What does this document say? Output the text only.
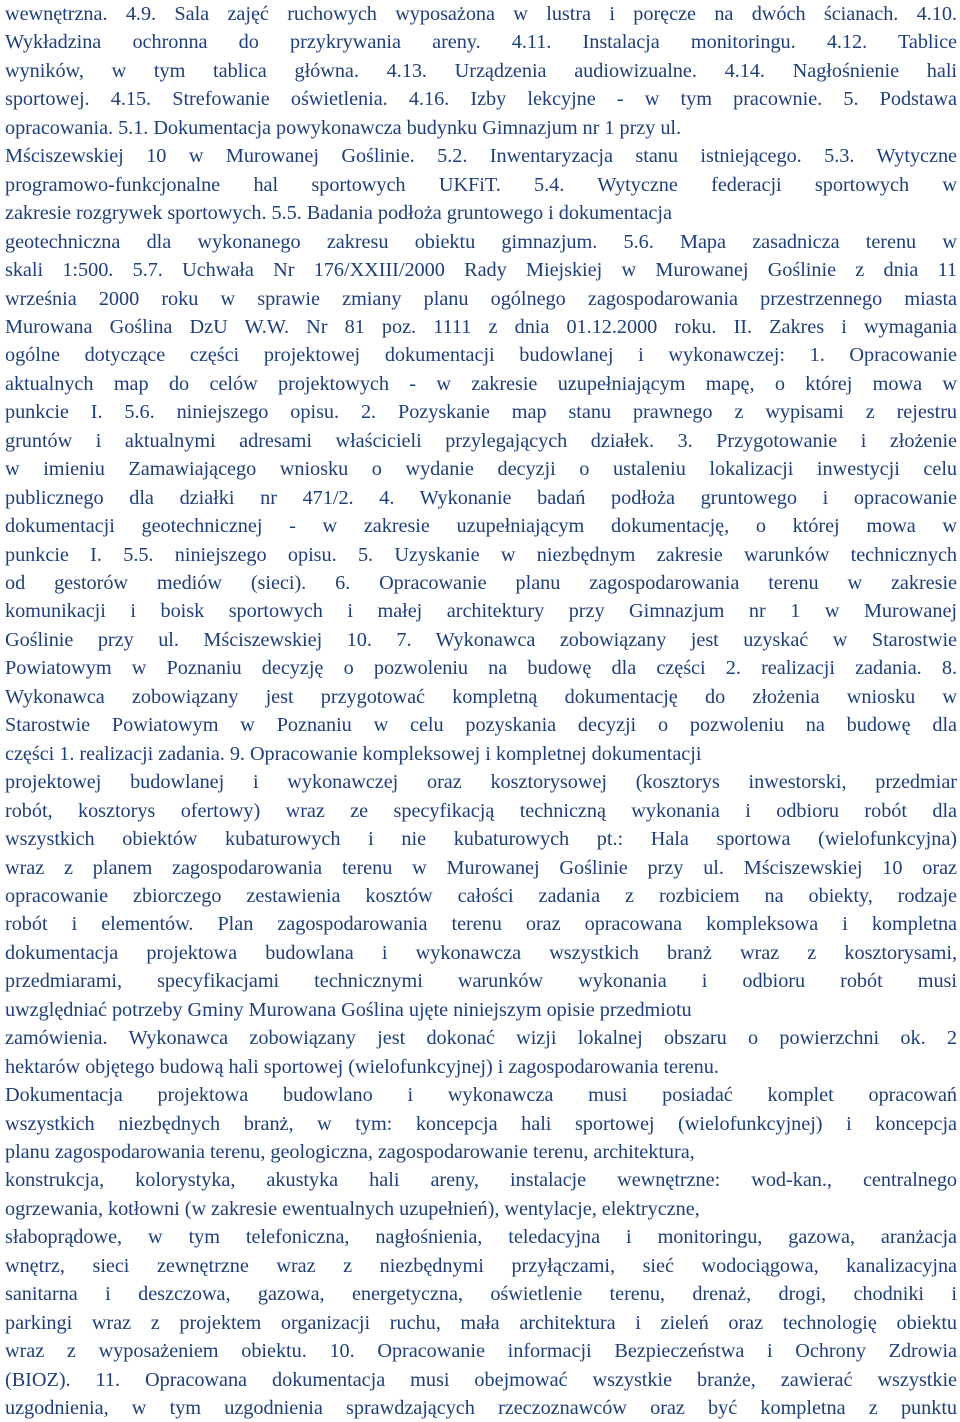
wewnętrzna. 4.9. Sala zajęć ruchowych wyposażona w lustra i poręcze na dwóch ścianach. 4.10.
Wykładzina ochronna do przykrywania areny. 4.11. Instalacja monitoringu. 4.12. Tablice
wyników, w tym tablica główna. 4.13. Urządzenia audiowizualne. 4.14. Nagłośnienie hali
sportowej. 4.15. Strefowanie oświetlenia. 4.16. Izby lekcyjne - w tym pracownie. 5. Podstawa
opracowania. 5.1. Dokumentacja powykonawcza budynku Gimnazjum nr 1 przy ul.
Mściszewskiej 10 w Murowanej Goślinie. 5.2. Inwentaryzacja stanu istniejącego. 5.3. Wytyczne
programowo-funkcjonalne hal sportowych UKFiT. 5.4. Wytyczne federacji sportowych w
zakresie rozgrywek sportowych. 5.5. Badania podłoża gruntowego i dokumentacja
geotechniczna dla wykonanego zakresu obiektu gimnazjum. 5.6. Mapa zasadnicza terenu w
skali 1:500. 5.7. Uchwała Nr 176/XXIII/2000 Rady Miejskiej w Murowanej Goślinie z dnia 11
września 2000 roku w sprawie zmiany planu ogólnego zagospodarowania przestrzennego miasta
Murowana Goślina DzU W.W. Nr 81 poz. 1111 z dnia 01.12.2000 roku. II. Zakres i wymagania
ogólne dotyczące części projektowej dokumentacji budowlanej i wykonawczej: 1. Opracowanie
aktualnych map do celów projektowych - w zakresie uzupełniającym mapę, o której mowa w
punkcie I. 5.6. niniejszego opisu. 2. Pozyskanie map stanu prawnego z wypisami z rejestru
gruntów i aktualnymi adresami właścicieli przylegających działek. 3. Przygotowanie i złożenie
w imieniu Zamawiającego wniosku o wydanie decyzji o ustaleniu lokalizacji inwestycji celu
publicznego dla działki nr 471/2. 4. Wykonanie badań podłoża gruntowego i opracowanie
dokumentacji geotechnicznej - w zakresie uzupełniającym dokumentację, o której mowa w
punkcie I. 5.5. niniejszego opisu. 5. Uzyskanie w niezbędnym zakresie warunków technicznych
od gestorów mediów (sieci). 6. Opracowanie planu zagospodarowania terenu w zakresie
komunikacji i boisk sportowych i małej architektury przy Gimnazjum nr 1 w Murowanej
Goślinie przy ul. Mściszewskiej 10. 7. Wykonawca zobowiązany jest uzyskać w Starostwie
Powiatowym w Poznaniu decyzję o pozwoleniu na budowę dla części 2. realizacji zadania. 8.
Wykonawca zobowiązany jest przygotować kompletną dokumentację do złożenia wniosku w
Starostwie Powiatowym w Poznaniu w celu pozyskania decyzji o pozwoleniu na budowę dla
części 1. realizacji zadania. 9. Opracowanie kompleksowej i kompletnej dokumentacji
projektowej budowlanej i wykonawczej oraz kosztorysowej (kosztorys inwestorski, przedmiar
robót, kosztorys ofertowy) wraz ze specyfikacją techniczną wykonania i odbioru robót dla
wszystkich obiektów kubaturowych i nie kubaturowych pt.: Hala sportowa (wielofunkcyjna)
wraz z planem zagospodarowania terenu w Murowanej Goślinie przy ul. Mściszewskiej 10 oraz
opracowanie zbiorczego zestawienia kosztów całości zadania z rozbiciem na obiekty, rodzaje
robót i elementów. Plan zagospodarowania terenu oraz opracowana kompleksowa i kompletna
dokumentacja projektowa budowlana i wykonawcza wszystkich branż wraz z kosztorysami,
przedmiarami, specyfikacjami technicznymi warunków wykonania i odbioru robót musi
uwzględniać potrzeby Gminy Murowana Goślina ujęte niniejszym opisie przedmiotu
zamówienia. Wykonawca zobowiązany jest dokonać wizji lokalnej obszaru o powierzchni ok. 2
hektarów objętego budową hali sportowej (wielofunkcyjnej) i zagospodarowania terenu.
Dokumentacja projektowa budowlano i wykonawcza musi posiadać komplet opracowań
wszystkich niezbędnych branż, w tym: koncepcja hali sportowej (wielofunkcyjnej) i koncepcja
planu zagospodarowania terenu, geologiczna, zagospodarowanie terenu, architektura,
konstrukcja, kolorystyka, akustyka hali areny, instalacje wewnętrzne: wod-kan., centralnego
ogrzewania, kotłowni (w zakresie ewentualnych uzupełnień), wentylacje, elektryczne,
słaboprądowe, w tym telefoniczna, nagłośnienia, teledacyjna i monitoringu, gazowa, aranżacja
wnętrz, sieci zewnętrzne wraz z niezbędnymi przyłączami, sieć wodociągowa, kanalizacyjna
sanitarna i deszczowa, gazowa, energetyczna, oświetlenie terenu, drenaż, drogi, chodniki i
parkingi wraz z projektem organizacji ruchu, mała architektura i zieleń oraz technologię obiektu
wraz z wyposażeniem obiektu. 10. Opracowanie informacji Bezpieczeństwa i Ochrony Zdrowia
(BIOZ). 11. Opracowana dokumentacja musi obejmować wszystkie branże, zawierać wszystkie
uzgodnienia, w tym uzgodnienia sprawdzających rzeczoznawców oraz być kompletna z punktu
